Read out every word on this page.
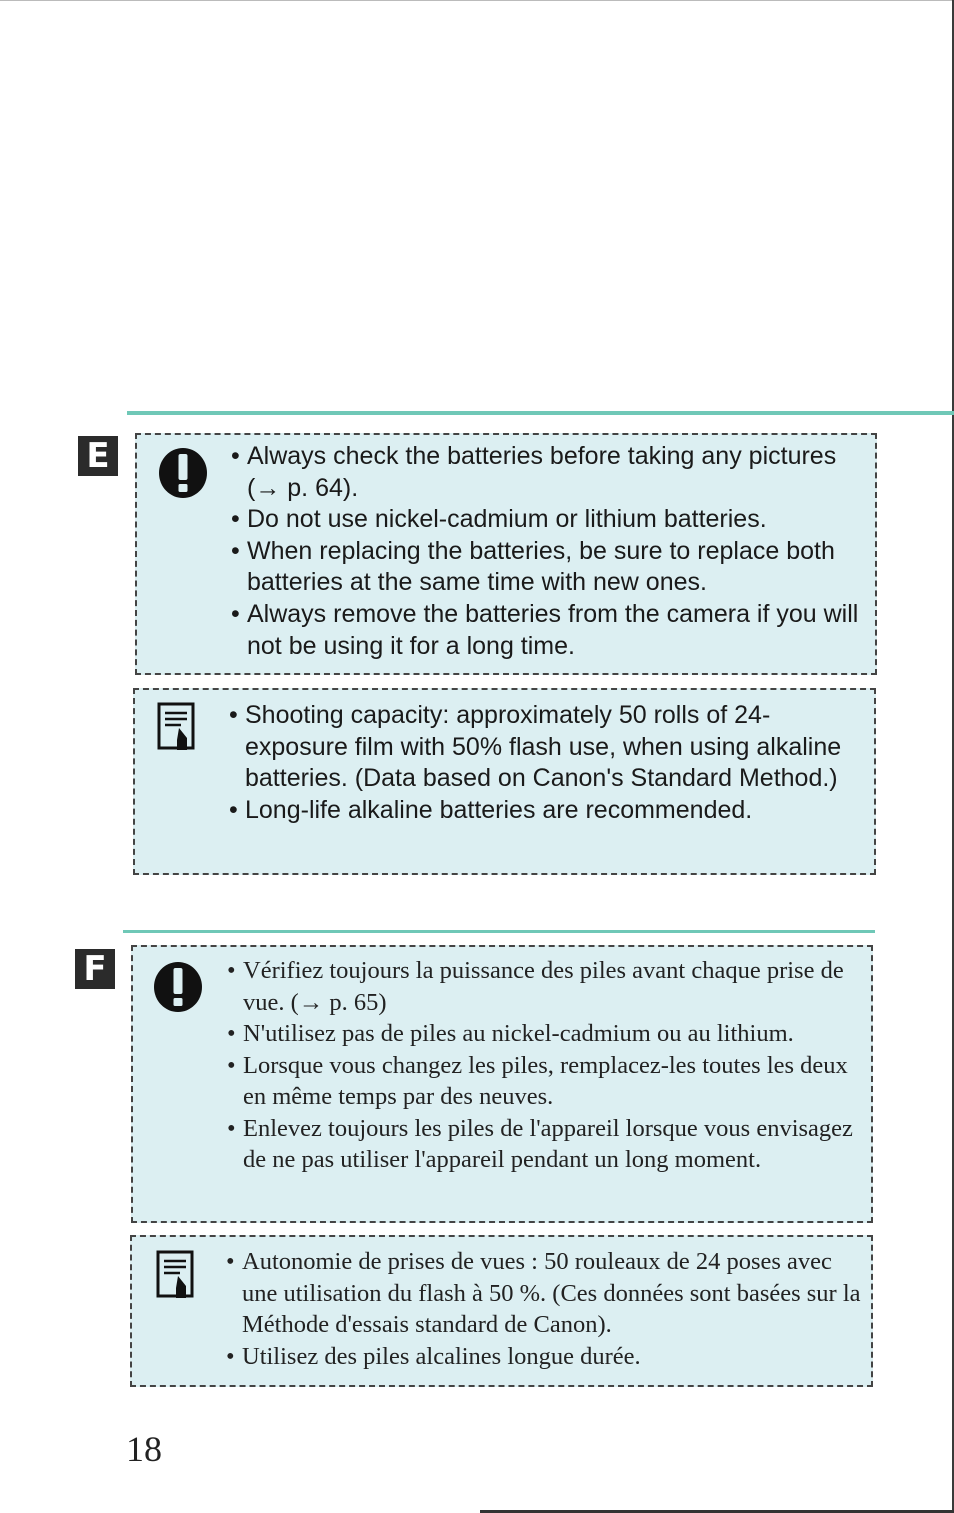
E	• Always check the batteries before taking any pictures (→ p. 64).
• Do not use nickel-cadmium or lithium batteries.
• When replacing the batteries, be sure to replace both batteries at the same time with new ones.
• Always remove the batteries from the camera if you will not be using it for a long time.
• Shooting capacity: approximately 50 rolls of 24-exposure film with 50% flash use, when using alkaline batteries. (Data based on Canon's Standard Method.)
• Long-life alkaline batteries are recommended.
F	• Vérifiez toujours la puissance des piles avant chaque prise de vue. (→ p. 65)
• N'utilisez pas de piles au nickel-cadmium ou au lithium.
• Lorsque vous changez les piles, remplacez-les toutes les deux en même temps par des neuves.
• Enlevez toujours les piles de l'appareil lorsque vous envisagez de ne pas utiliser l'appareil pendant un long moment.
• Autonomie de prises de vues : 50 rouleaux de 24 poses avec une utilisation du flash à 50 %. (Ces données sont basées sur la Méthode d'essais standard de Canon).
• Utilisez des piles alcalines longue durée.
18
